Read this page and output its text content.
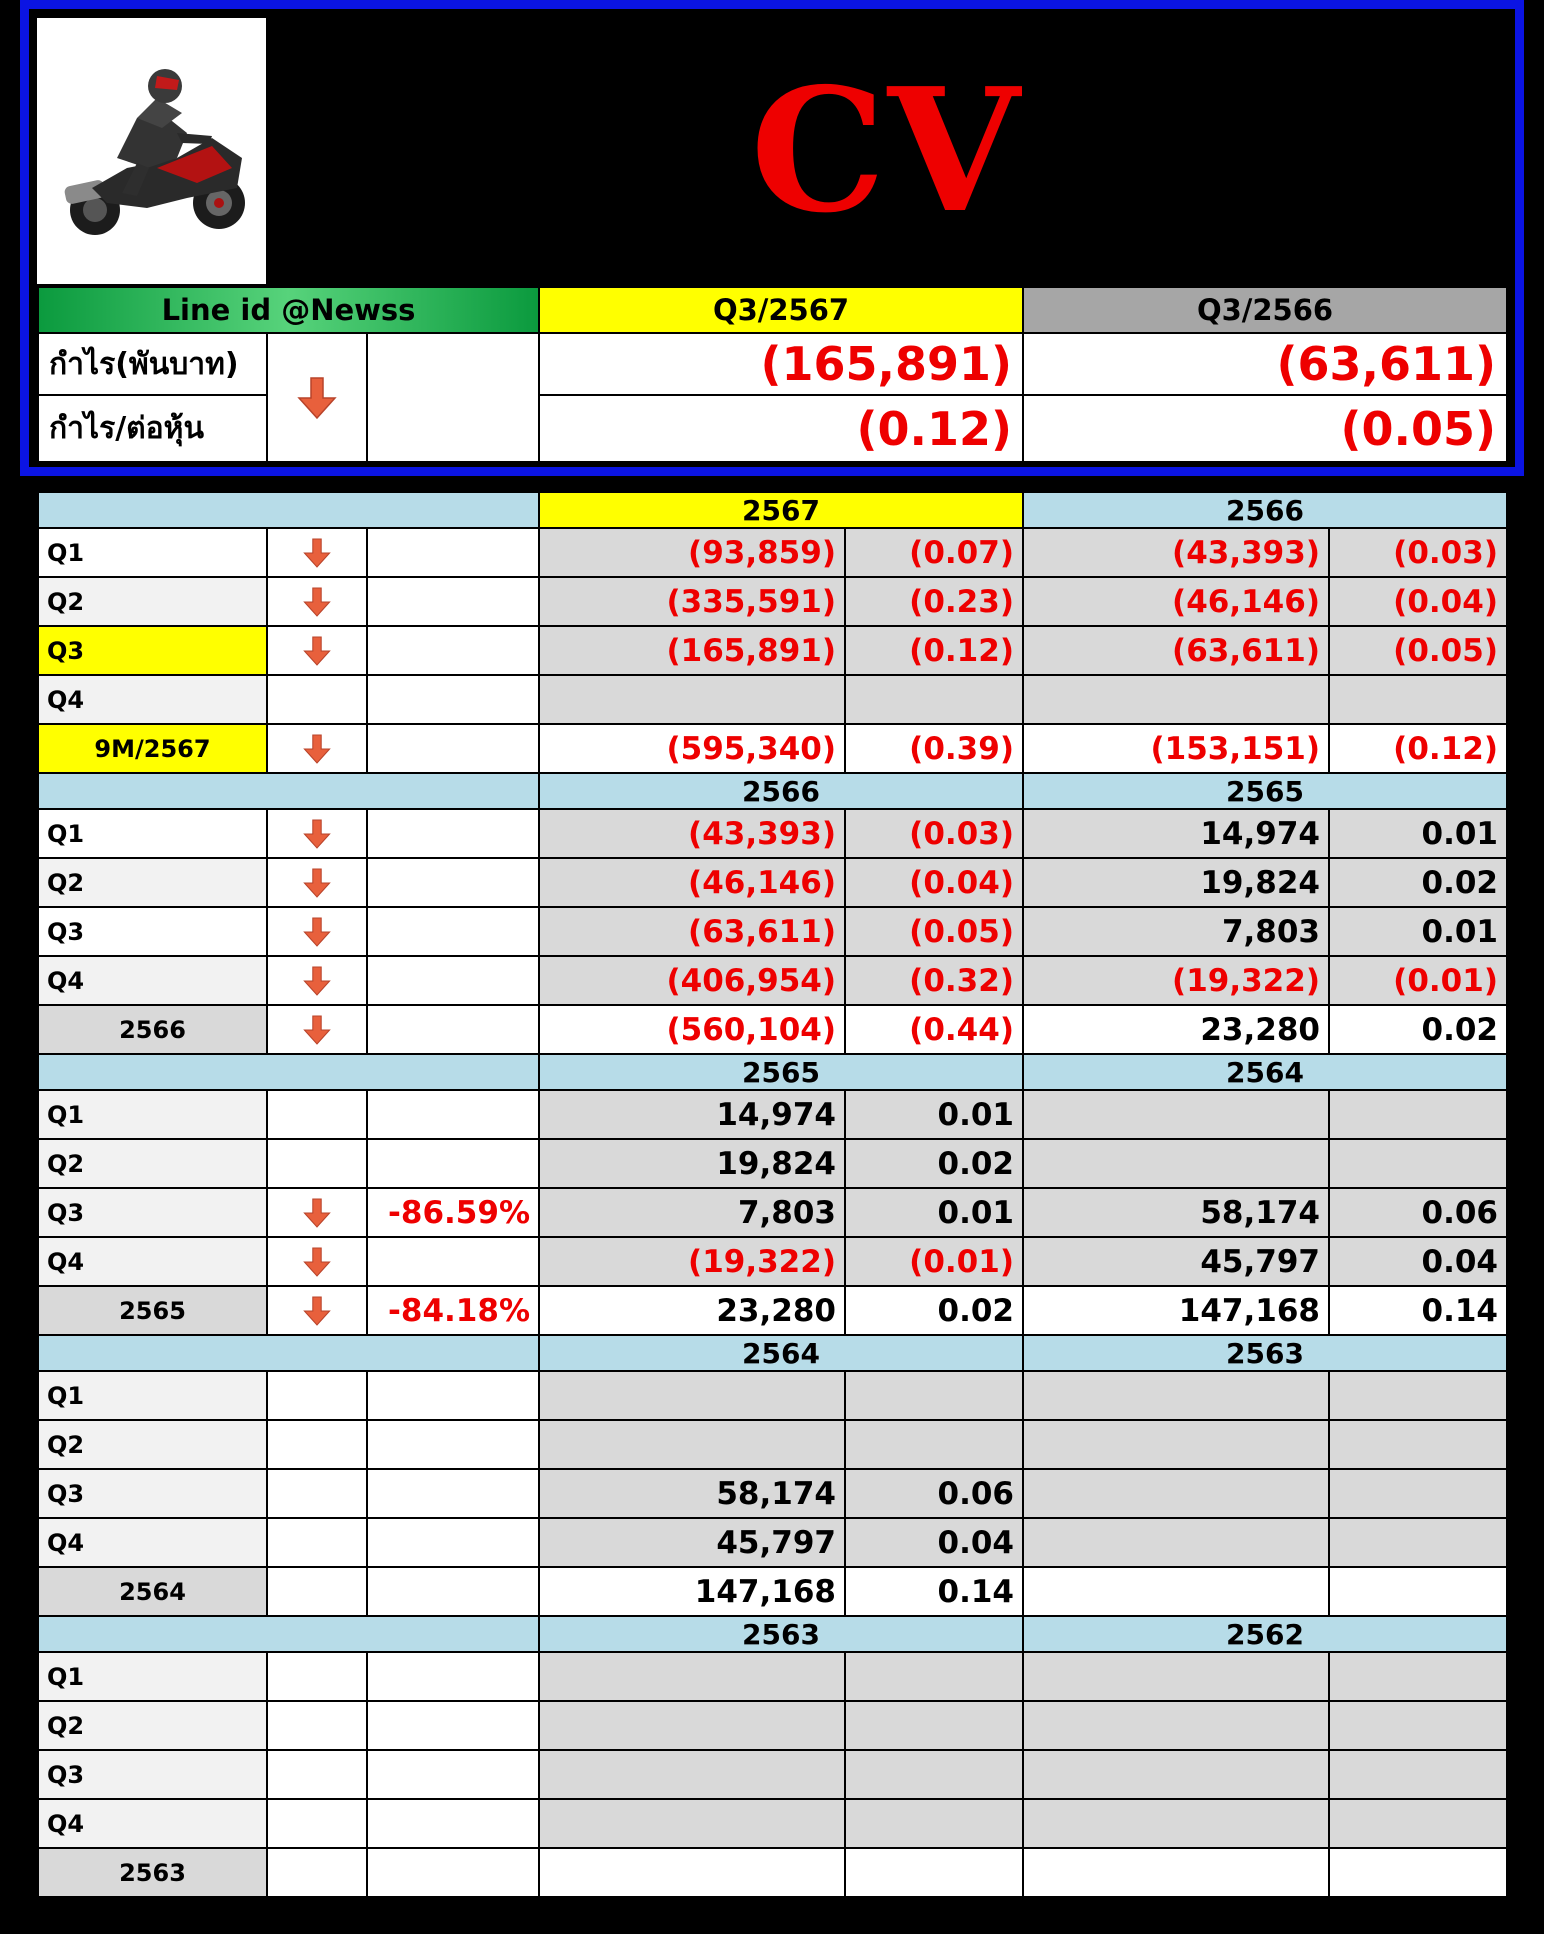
CV
Line id @Newss			Q3/2567	Q3/2566
กำไร(พันบาท)			(165,891)	(63,611)
กำไร/ต่อหุ้น			(0.12)	(0.05)
			2567		2566	
Q1			(93,859)	(0.07)	(43,393)	(0.03)
Q2			(335,591)	(0.23)	(46,146)	(0.04)
Q3			(165,891)	(0.12)	(63,611)	(0.05)
Q4						
9M/2567			(595,340)	(0.39)	(153,151)	(0.12)
			2566		2565	
Q1			(43,393)	(0.03)	14,974	0.01
Q2			(46,146)	(0.04)	19,824	0.02
Q3			(63,611)	(0.05)	7,803	0.01
Q4			(406,954)	(0.32)	(19,322)	(0.01)
2566			(560,104)	(0.44)	23,280	0.02
			2565		2564	
Q1			14,974	0.01		
Q2			19,824	0.02		
Q3		-86.59%	7,803	0.01	58,174	0.06
Q4			(19,322)	(0.01)	45,797	0.04
2565		-84.18%	23,280	0.02	147,168	0.14
			2564		2563	
Q1						
Q2						
Q3			58,174	0.06		
Q4			45,797	0.04		
2564			147,168	0.14		
			2563		2562	
Q1						
Q2						
Q3						
Q4						
2563						
